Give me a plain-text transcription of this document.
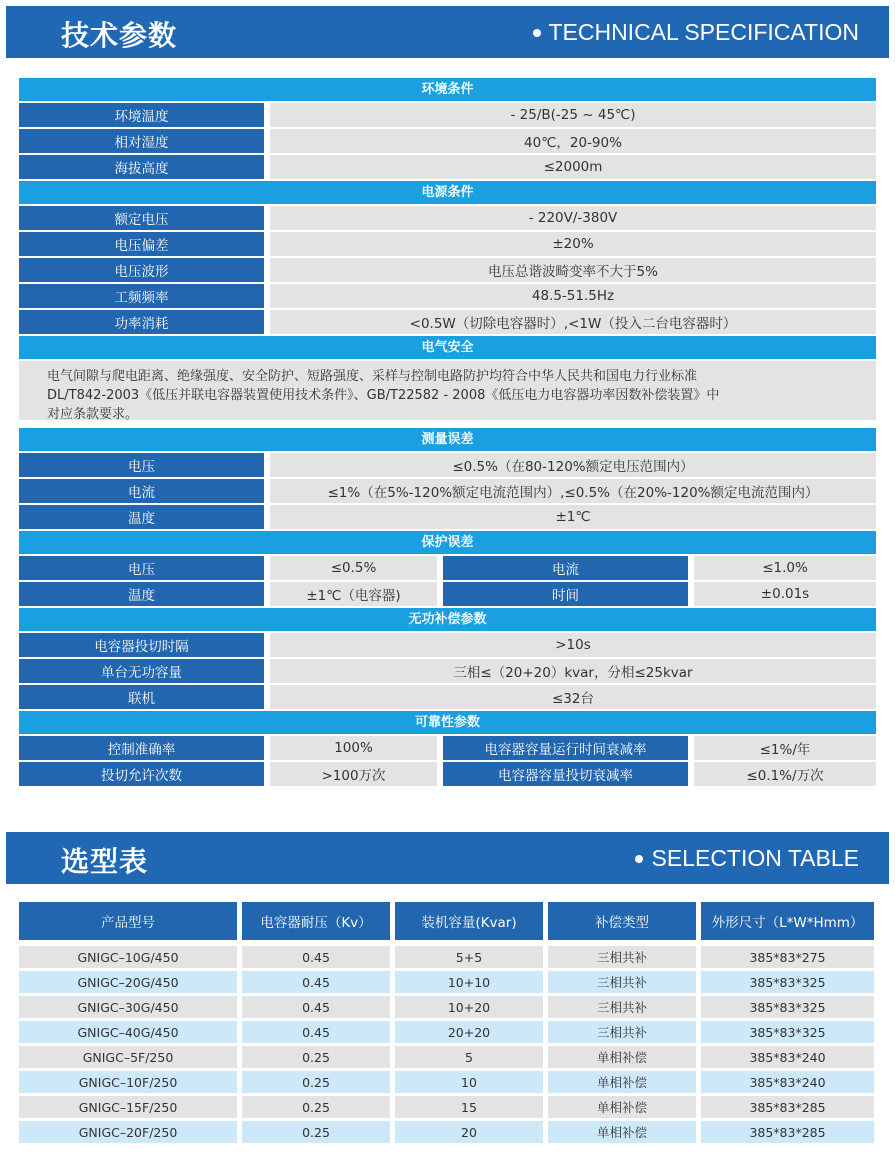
技术参数	TECHNICAL SPECIFICATION
环境条件
环境温度	- 25/B(-25 ~ 45℃)
相对湿度	40℃，20-90%
海拔高度	≤2000m
电源条件
额定电压	- 220V/-380V
电压偏差	±20%
电压波形	电压总谐波畸变率不大于5%
工频频率	48.5-51.5Hz
功率消耗	<0.5W（切除电容器时）,<1W（投入二台电容器时）
电气安全
电气间隙与爬电距离、绝缘强度、安全防护、短路强度、采样与控制电路防护均符合中华人民共和国电力行业标准
DL/T842-2003《低压并联电容器装置使用技术条件》、GB/T22582 - 2008《低压电力电容器功率因数补偿装置》中
对应条款要求。
测量误差
电压	≤0.5%（在80-120%额定电压范围内）
电流	≤1%（在5%-120%额定电流范围内）,≤0.5%（在20%-120%额定电流范围内）
温度	±1℃
保护误差
电压	≤0.5%	电流	≤1.0%
温度	±1℃（电容器)	时间	±0.01s
无功补偿参数
电容器投切时隔	>10s
单台无功容量	三相≤（20+20）kvar，分相≤25kvar
联机	≤32台
可靠性参数
控制准确率	100%	电容器容量运行时间衰减率	≤1%/年
投切允许次数	>100万次	电容器容量投切衰减率	≤0.1%/万次
选型表	SELECTION TABLE
产品型号	电容器耐压（Kv）	装机容量(Kvar)	补偿类型	外形尺寸（L*W*Hmm）
GNIGC–10G/450	0.45	5+5	三相共补	385*83*275
GNIGC–20G/450	0.45	10+10	三相共补	385*83*325
GNIGC–30G/450	0.45	10+20	三相共补	385*83*325
GNIGC–40G/450	0.45	20+20	三相共补	385*83*325
GNIGC–5F/250	0.25	5	单相补偿	385*83*240
GNIGC–10F/250	0.25	10	单相补偿	385*83*240
GNIGC–15F/250	0.25	15	单相补偿	385*83*285
GNIGC–20F/250	0.25	20	单相补偿	385*83*285
